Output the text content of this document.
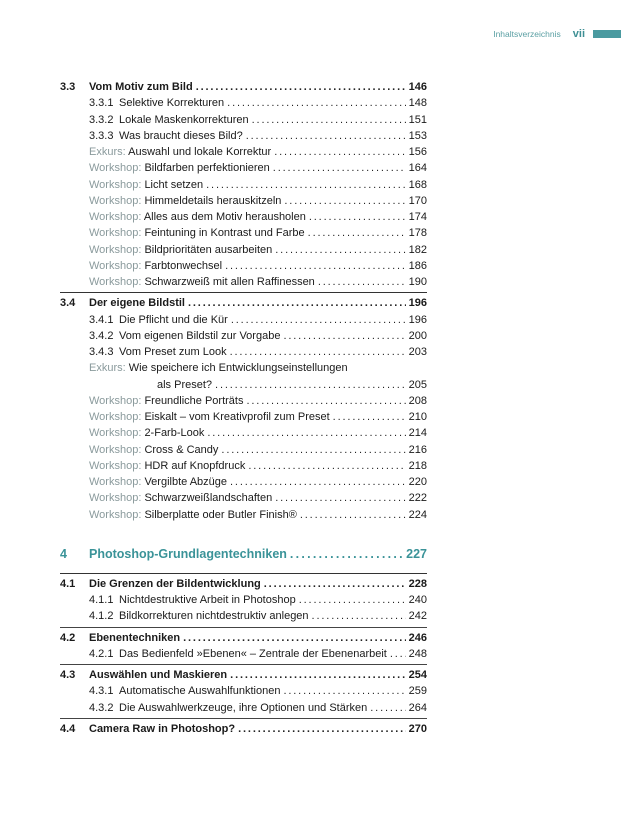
Inhaltsverzeichnis vii
3.3	Vom Motiv zum Bild . . .	146
3.3.1 Selektive Korrekturen . . .	148
3.3.2 Lokale Maskenkorrekturen . . .	151
3.3.3 Was braucht dieses Bild? . . .	153
Exkurs: Auswahl und lokale Korrektur . . .	156
Workshop: Bildfarben perfektionieren . . .	164
Workshop: Licht setzen . . .	168
Workshop: Himmeldetails herauskitzeln . . .	170
Workshop: Alles aus dem Motiv herausholen . . .	174
Workshop: Feintuning in Kontrast und Farbe . . .	178
Workshop: Bildprioritäten ausarbeiten . . .	182
Workshop: Farbtonwechsel . . .	186
Workshop: Schwarzweiß mit allen Raffinessen . . .	190
3.4	Der eigene Bildstil . . .	196
3.4.1 Die Pflicht und die Kür . . .	196
3.4.2 Vom eigenen Bildstil zur Vorgabe . . .	200
3.4.3 Vom Preset zum Look . . .	203
Exkurs: Wie speichere ich Entwicklungseinstellungen
als Preset? . . .	205
Workshop: Freundliche Porträts . . .	208
Workshop: Eiskalt – vom Kreativprofil zum Preset . . .	210
Workshop: 2-Farb-Look . . .	214
Workshop: Cross & Candy . . .	216
Workshop: HDR auf Knopfdruck . . .	218
Workshop: Vergilbte Abzüge . . .	220
Workshop: Schwarzweißlandschaften . . .	222
Workshop: Silberplatte oder Butler Finish® . . .	224
4	Photoshop-Grundlagentechniken . . .	227
4.1	Die Grenzen der Bildentwicklung . . .	228
4.1.1 Nichtdestruktive Arbeit in Photoshop . . .	240
4.1.2 Bildkorrekturen nichtdestruktiv anlegen . . .	242
4.2	Ebenentechniken . . .	246
4.2.1 Das Bedienfeld »Ebenen« – Zentrale der Ebenenarbeit . . . 248
4.3	Auswählen und Maskieren . . .	254
4.3.1 Automatische Auswahlfunktionen . . .	259
4.3.2 Die Auswahlwerkzeuge, ihre Optionen und Stärken . . .	264
4.4	Camera Raw in Photoshop? . . .	270
